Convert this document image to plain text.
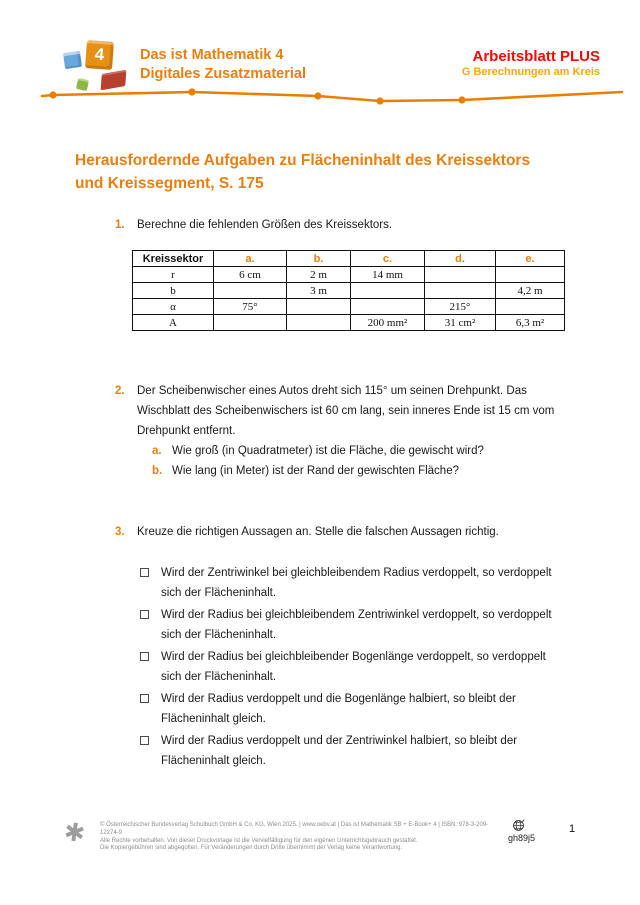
4	Das ist Mathematik 4
Digitales Zusatzmaterial
Arbeitsblatt PLUS
G Berechnungen am Kreis
Herausfordernde Aufgaben zu Flächeninhalt des Kreissektors
und Kreissegment, S. 175
1.	Berechne die fehlenden Größen des Kreissektors.
Kreissektor	a.	b.	c.	d.	e.
r	6 cm	2 m	14 mm		
b		3 m			4,2 m
α	75°			215°	
A			200 mm²	31 cm²	6,3 m²
2.	Der Scheibenwischer eines Autos dreht sich 115° um seinen Drehpunkt. Das Wischblatt des Scheibenwischers ist 60 cm lang, sein inneres Ende ist 15 cm vom Drehpunkt entfernt.
a. Wie groß (in Quadratmeter) ist die Fläche, die gewischt wird?
b. Wie lang (in Meter) ist der Rand der gewischten Fläche?
3.	Kreuze die richtigen Aussagen an. Stelle die falschen Aussagen richtig.
Wird der Zentriwinkel bei gleichbleibendem Radius verdoppelt, so verdoppelt sich der Flächeninhalt.
Wird der Radius bei gleichbleibendem Zentriwinkel verdoppelt, so verdoppelt sich der Flächeninhalt.
Wird der Radius bei gleichbleibender Bogenlänge verdoppelt, so verdoppelt sich der Flächeninhalt.
Wird der Radius verdoppelt und die Bogenlänge halbiert, so bleibt der Flächeninhalt gleich.
Wird der Radius verdoppelt und der Zentriwinkel halbiert, so bleibt der Flächeninhalt gleich.
✱ © Österreichischer Bundesverlag Schulbuch GmbH & Co. KG, Wien 2025. | www.oebv.at | Das ist Mathematik SB + E-Book+ 4 | ISBN: 978-3-209-12274-9
Alle Rechte vorbehalten. Von dieser Druckvorlage ist die Vervielfältigung für den eigenen Unterrichtsgebrauch gestattet.
Die Kopiergebühren sind abgegolten. Für Veränderungen durch Dritte übernimmt der Verlag keine Verantwortung.
gh89j5
1
